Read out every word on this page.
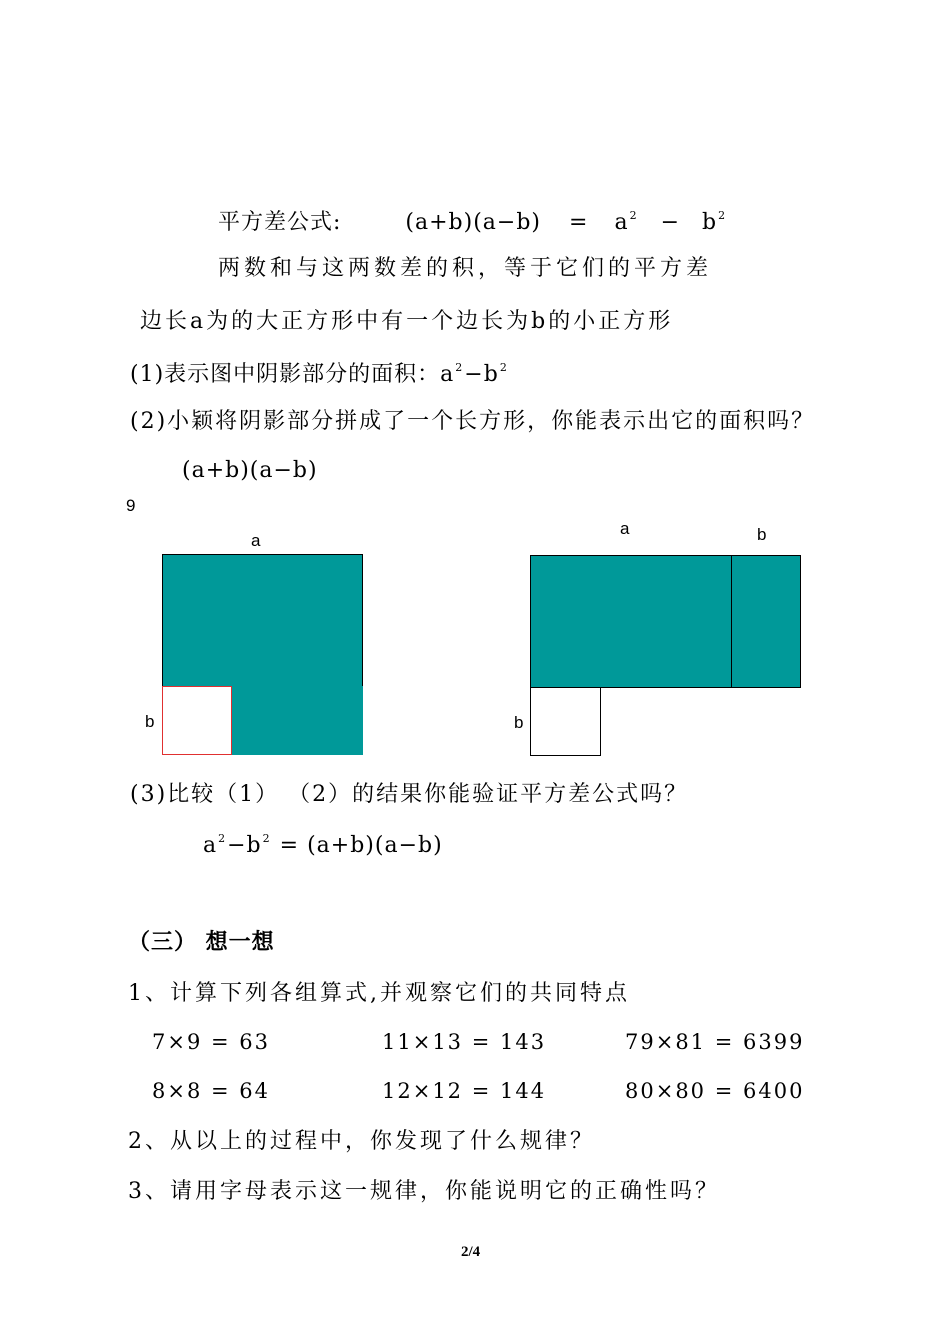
平方差公式:	$(a+b)(a-b) = a^2 - b^2$
两数和与这两数差的积，等于它们的平方差
边长a为的大正方形中有一个边长为b的小正方形
(1)表示图中阴影部分的面积：$a^2-b^2$
(2)小颖将阴影部分拼成了一个长方形，你能表示出它的面积吗？
(a+b)(a−b)
9
a
b
a	b
b
(3)比较（1） （2）的结果你能验证平方差公式吗？
$a^2-b^2 = (a+b)(a-b)$
（三） 想一想
1、计算下列各组算式,并观察它们的共同特点
7×9 = 63	11×13 = 143	79×81 = 6399
8×8 = 64	12×12 = 144	80×80 = 6400
2、从以上的过程中，你发现了什么规律？
3、请用字母表示这一规律，你能说明它的正确性吗？
2/4
